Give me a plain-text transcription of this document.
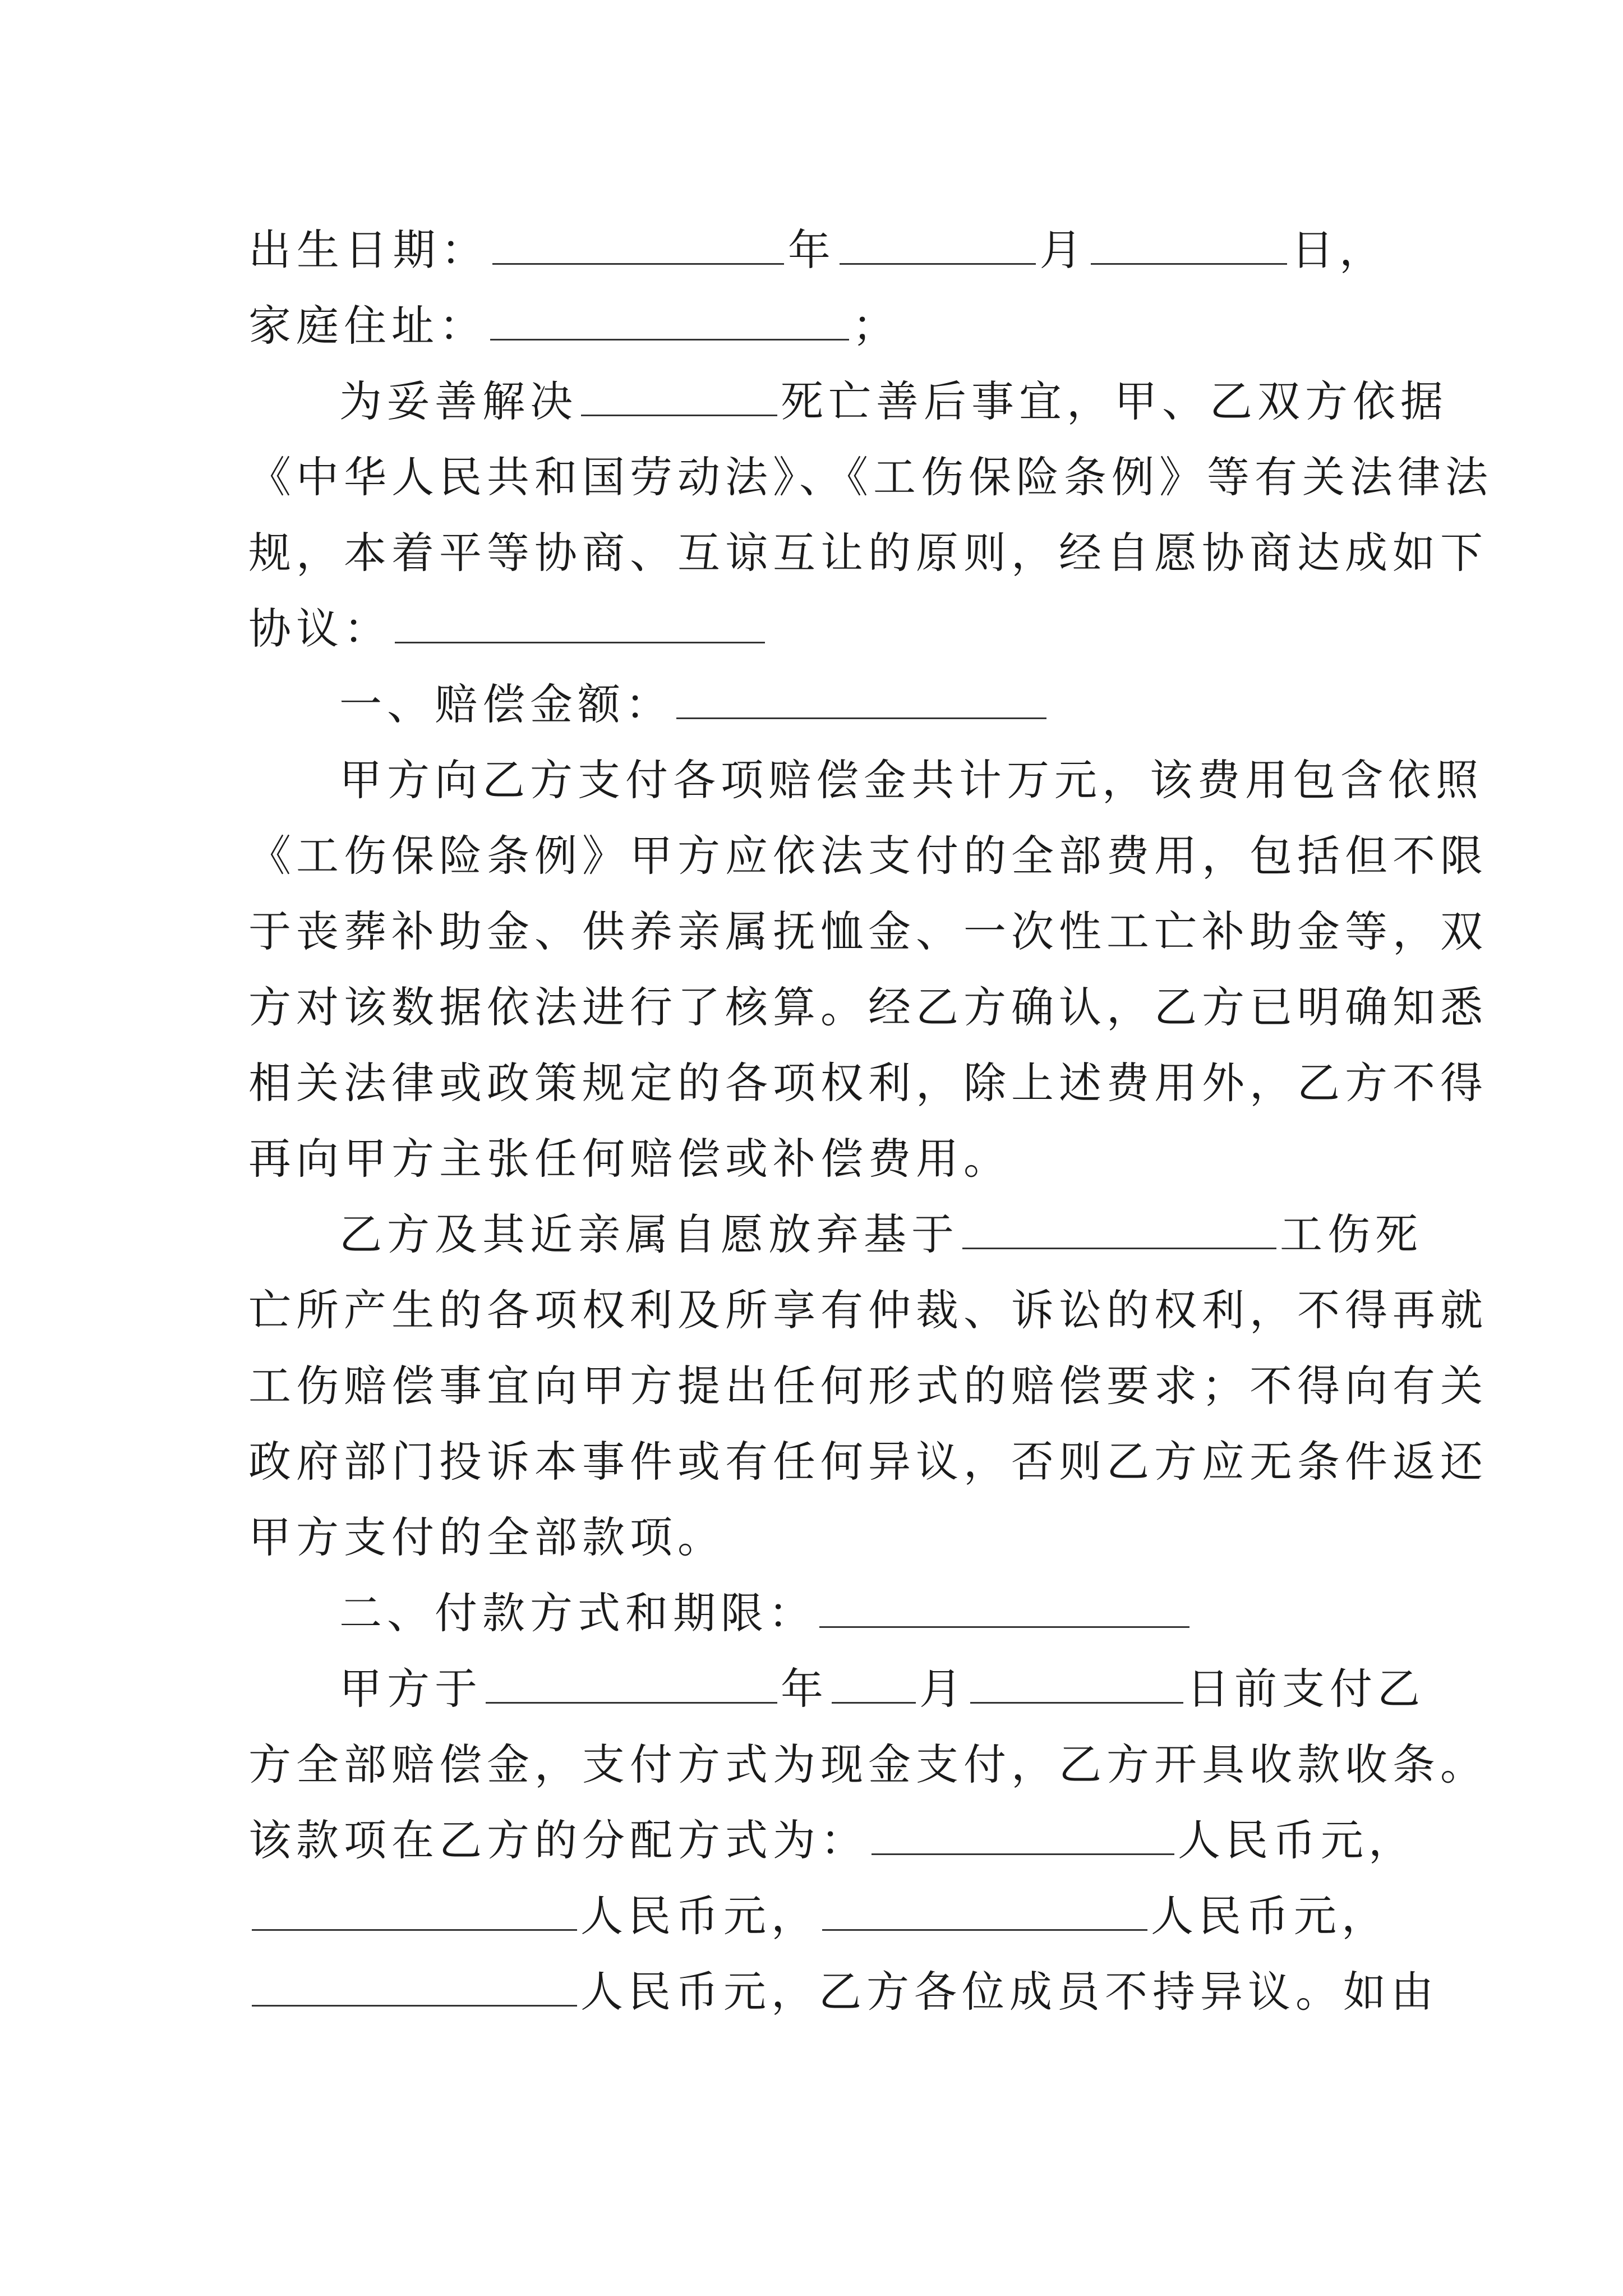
出生日期：	年	月	日，
家庭住址：	；
为妥善解决	死亡善后事宜，甲、乙双方依据
《中华人民共和国劳动法》、《工伤保险条例》等有关法律法
规，本着平等协商、互谅互让的原则，经自愿协商达成如下
协议：
一、赔偿金额：
甲方向乙方支付各项赔偿金共计万元，该费用包含依照
《工伤保险条例》甲方应依法支付的全部费用，包括但不限
于丧葬补助金、供养亲属抚恤金、一次性工亡补助金等，双
方对该数据依法进行了核算。经乙方确认，乙方已明确知悉
相关法律或政策规定的各项权利，除上述费用外，乙方不得
再向甲方主张任何赔偿或补偿费用。
乙方及其近亲属自愿放弃基于	工伤死
亡所产生的各项权利及所享有仲裁、诉讼的权利，不得再就
工伤赔偿事宜向甲方提出任何形式的赔偿要求；不得向有关
政府部门投诉本事件或有任何异议，否则乙方应无条件返还
甲方支付的全部款项。
二、付款方式和期限：
甲方于	年 月	日前支付乙
方全部赔偿金，支付方式为现金支付，乙方开具收款收条。
该款项在乙方的分配方式为：	人民币元，
人民币元，	人民币元，
人民币元，乙方各位成员不持异议。如由
